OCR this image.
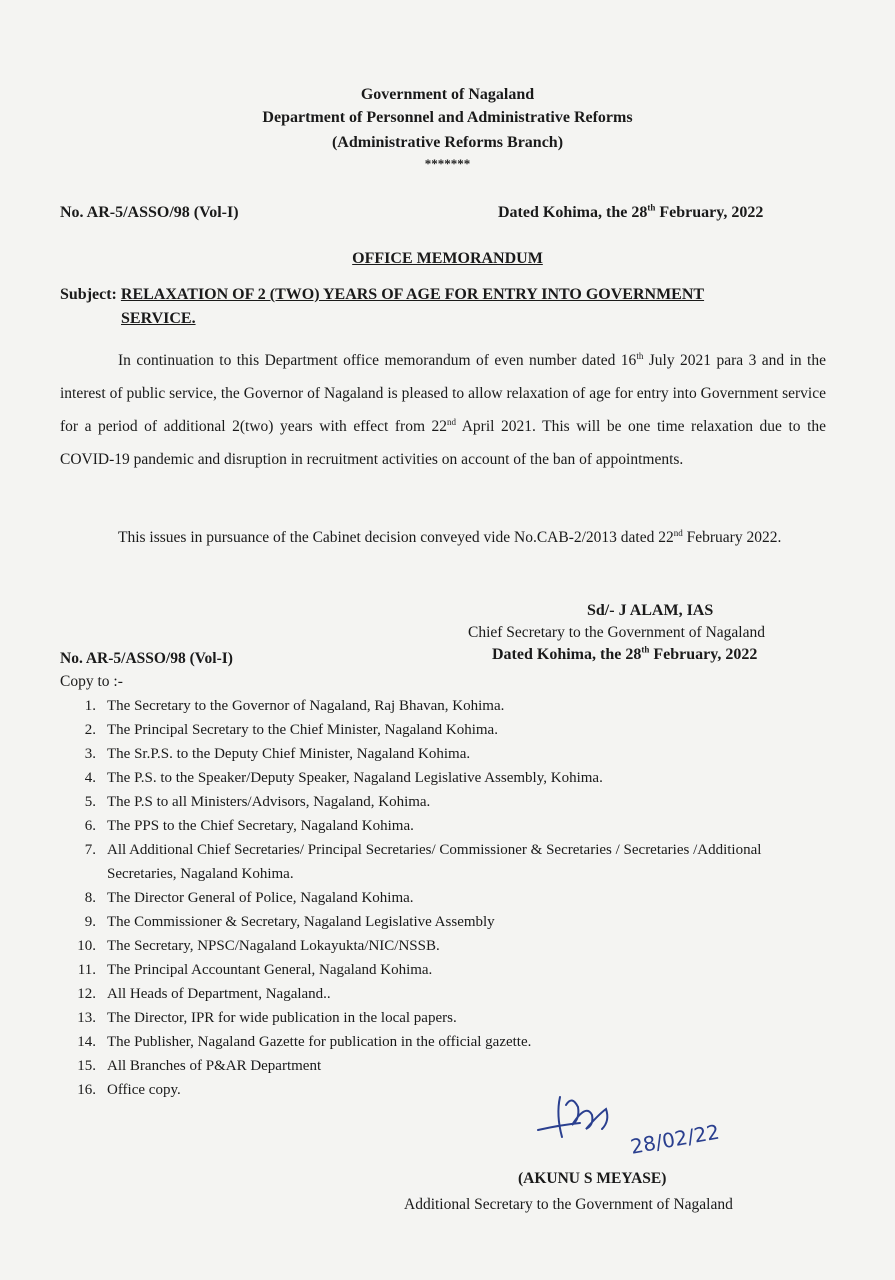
Government of Nagaland
Department of Personnel and Administrative Reforms
(Administrative Reforms Branch)
*******
No. AR-5/ASSO/98 (Vol-I)	Dated Kohima, the 28th February, 2022
OFFICE MEMORANDUM
Subject: RELAXATION OF 2 (TWO) YEARS OF AGE FOR ENTRY INTO GOVERNMENT
SERVICE.
In continuation to this Department office memorandum of even number dated 16th July 2021 para 3 and in the interest of public service, the Governor of Nagaland is pleased to allow relaxation of age for entry into Government service for a period of additional 2(two) years with effect from 22nd April 2021. This will be one time relaxation due to the COVID-19 pandemic and disruption in recruitment activities on account of the ban of appointments.
This issues in pursuance of the Cabinet decision conveyed vide No.CAB-2/2013 dated 22nd February 2022.
Sd/- J ALAM, IAS
Chief Secretary to the Government of Nagaland
No. AR-5/ASSO/98 (Vol-I)	Dated Kohima, the 28th February, 2022
Copy to :-
1. The Secretary to the Governor of Nagaland, Raj Bhavan, Kohima.
2. The Principal Secretary to the Chief Minister, Nagaland Kohima.
3. The Sr.P.S. to the Deputy Chief Minister, Nagaland Kohima.
4. The P.S. to the Speaker/Deputy Speaker, Nagaland Legislative Assembly, Kohima.
5. The P.S to all Ministers/Advisors, Nagaland, Kohima.
6. The PPS to the Chief Secretary, Nagaland Kohima.
7. All Additional Chief Secretaries/ Principal Secretaries/ Commissioner & Secretaries / Secretaries /Additional Secretaries, Nagaland Kohima.
8. The Director General of Police, Nagaland Kohima.
9. The Commissioner & Secretary, Nagaland Legislative Assembly
10. The Secretary, NPSC/Nagaland Lokayukta/NIC/NSSB.
11. The Principal Accountant General, Nagaland Kohima.
12. All Heads of Department, Nagaland..
13. The Director, IPR for wide publication in the local papers.
14. The Publisher, Nagaland Gazette for publication in the official gazette.
15. All Branches of P&AR Department
16. Office copy.
28/02/22
(AKUNU S MEYASE)
Additional Secretary to the Government of Nagaland
